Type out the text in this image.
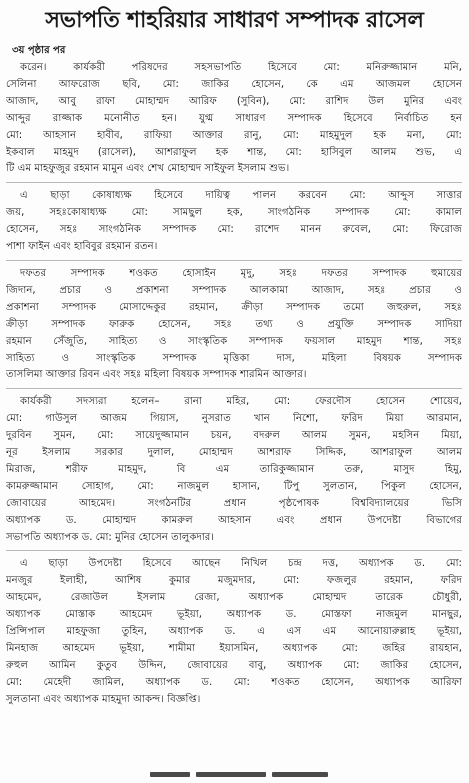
সভাপতি শাহরিয়ার সাধারণ সম্পাদক রাসেল
৩য় পৃষ্ঠার পর
করেন। কার্যকরী পরিষদের সহসভাপতি হিসেবে মো: মনিরুজ্জামান মনি,
সেলিনা আফরোজ ছবি, মো: জাকির হোসেন, কে এম আজমল হোসেন
আজাদ, আবু রাফা মোহাম্মদ আরিফ (সুবিন), মো: রাশিদ উল মুনির এবং
আব্দুর রাজ্জাক মনোনীত হন। যুগ্ম সাধারণ সম্পাদক হিসেবে নির্বাচিত হন
মো: আহসান হাবীব, রাফিয়া আক্তার রানু, মো: মাহমুদুল হক মনা, মো:
ইকবাল মাহমুদ (রাসেল), আশরাফুল হক শান্ত, মো: হাসিবুল আলম শুভ, এ
টি এম মাহফুজুর রহমান মামুন এবং শেখ মোহাম্মদ সাইফুল ইসলাম শুভ।
এ ছাড়া কোষাধ্যক্ষ হিসেবে দায়িত্ব পালন করবেন মো: আব্দুস সাত্তার
জয়, সহঃকোষাধ্যক্ষ মো: সামছুল হক, সাংগঠনিক সম্পাদক মো: কামাল
হোসেন, সহঃ সাংগঠনিক সম্পাদক মো: রাশেদ মানন রুবেল, মো: ফিরোজ
পাশা ফাইন এবং হাবিবুর রহমান রতন।
দফতর সম্পাদক শওকত হোসাইন মৃদু, সহঃ দফতর সম্পাদক হুমায়ের
জিদান, প্রচার ও প্রকাশনা সম্পাদক আলকামা আজাদ, সহঃ প্রচার ও
প্রকাশনা সম্পাদক মোসাদ্দেকুর রহমান, ক্রীড়া সম্পাদক তমো জহুরুল, সহঃ
ক্রীড়া সম্পাদক ফারুক হোসেন, সহঃ তথ্য ও প্রযুক্তি সম্পাদক সাদিয়া
রহমান সেঁজুতি, সাহিত্য ও সাংস্কৃতিক সম্পাদক ফয়সাল মাহমুদ শান্ত, সহঃ
সাহিত্য ও সাংস্কৃতিক সম্পাদক মৃত্তিকা দাস, মহিলা বিষয়ক সম্পাদক
তাসলিমা আক্তার রিবন এবং সহঃ মহিলা বিষয়ক সম্পাদক শারমিন আক্তার।
কার্যকরী সদস্যরা হলেন– রানা মহির, মো: ফেরদৌস হোসেন শোয়েব,
মো: গাউসুল আজম গিয়াস, নুসরাত খান নিশো, ফরিদ মিয়া আরমান,
দুরবিন সুমন, মো: সায়েদুজ্জামান চয়ন, বদরুল আলম সুমন, মহসিন মিয়া,
নূর ইসলাম সরকার দুলাল, মোহাম্মদ আশরাফ সিদ্দিক, আশরাফুল আলম
মিরাজ, শরীফ মাহমুদ, বি এম তারিকুজ্জামান তরু, মাসুদ হিমু,
কামরুজ্জামান সোহাগ, মো: নাজমুল হাসান, টিপু সুলতান, পিকুল হোসেন,
জোবায়ের আহমেদ। সংগঠনটির প্রধান পৃষ্ঠপোষক বিশ্ববিদ্যালয়ের ভিসি
অধ্যাপক ড. মোহাম্মদ কামরুল আহসান এবং প্রধান উপদেষ্টা বিভাগের
সভাপতি অধ্যাপক ড. মো: মুনির হোসেন তালুকদার।
এ ছাড়া উপদেষ্টা হিসেবে আছেন নিখিল চন্দ্র দত্ত, অধ্যাপক ড. মো:
মনজুর ইলাহী, আশিষ কুমার মজুমদার, মো: ফজলুর রহমান, ফরিদ
আহমেদ, রেজাউল ইসলাম রেজা, অধ্যাপক মোহাম্মদ তারেক চৌধুরী,
অধ্যাপক মোস্তাক আহমেদ ভূইয়া, অধ্যাপক ড. মোস্তফা নাজমুল মানছুর,
প্রিন্সিপাল মাহফুজা তুহিন, অধ্যাপক ড. এ এস এম আনোয়ারুল্লাহ ভূইয়া,
মিনহাজ আহমেদ ভূইয়া, শামীমা ইয়াসমিন, অধ্যাপক মো: জহির রায়হান,
রুহুল আমিন কুতুব উদ্দিন, জোবায়ের বাবু, অধ্যাপক মো: জাকির হোসেন,
মো: মেহেদী জামিল, অধ্যাপক ড. মো: শওকত হোসেন, অধ্যাপক আরিফা
সুলতানা এবং অধ্যাপক মাহমুদা আকন্দ। বিজ্ঞপ্তি।
